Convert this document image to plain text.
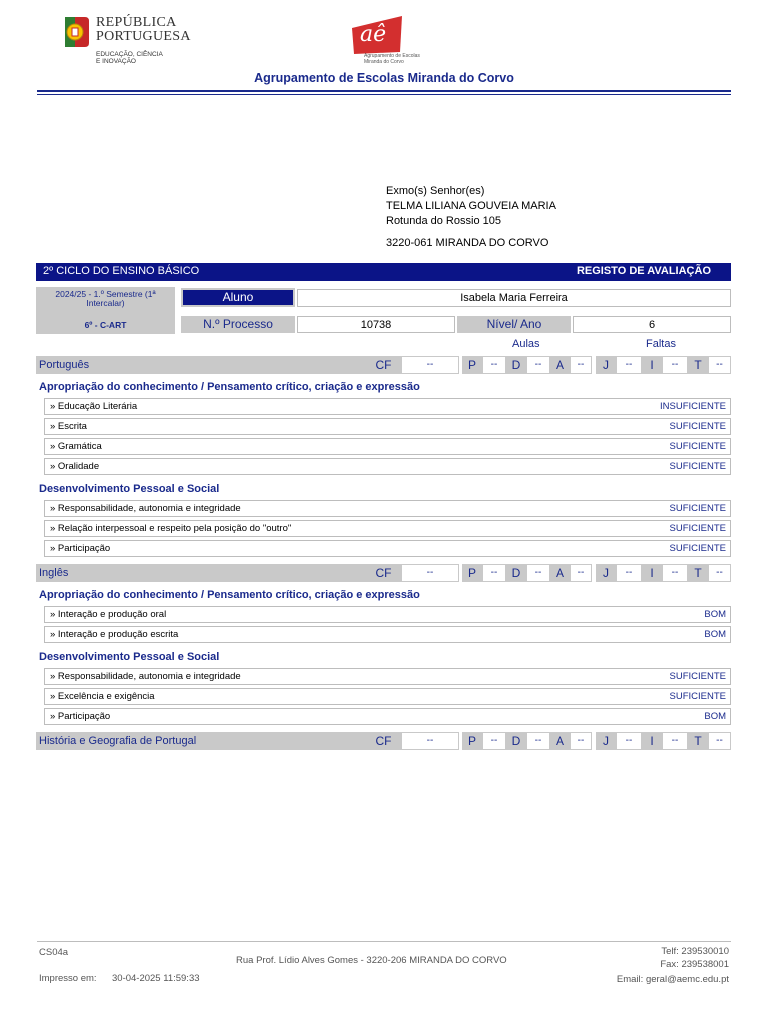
REPÚBLICA
PORTUGUESA
EDUCAÇÃO, CIÊNCIA
E INOVAÇÃO
aê
Agrupamento de Escolas
Miranda do Corvo
Agrupamento de Escolas Miranda do Corvo
Exmo(s) Senhor(es)
TELMA LILIANA GOUVEIA MARIA
Rotunda do Rossio 105
3220-061 MIRANDA DO CORVO
2º CICLO DO ENSINO BÁSICO	REGISTO DE AVALIAÇÃO
2024/25 - 1.º Semestre (1ª Intercalar)
6º - C-ART
Aluno	Isabela Maria Ferreira
N.º Processo	10738	Nível/ Ano	6
Aulas	Faltas
Português	CF	--	P	--	D	--	A	--	J	--	I	--	T	--
Apropriação do conhecimento / Pensamento crítico, criação e expressão
» Educação Literária	INSUFICIENTE
» Escrita	SUFICIENTE
» Gramática	SUFICIENTE
» Oralidade	SUFICIENTE
Desenvolvimento Pessoal e Social
» Responsabilidade, autonomia e integridade	SUFICIENTE
» Relação interpessoal e respeito pela posição do "outro"	SUFICIENTE
» Participação	SUFICIENTE
Inglês	CF	--	P	--	D	--	A	--	J	--	I	--	T	--
Apropriação do conhecimento / Pensamento crítico, criação e expressão
» Interação e produção oral	BOM
» Interação e produção escrita	BOM
Desenvolvimento Pessoal e Social
» Responsabilidade, autonomia e integridade	SUFICIENTE
» Excelência e exigência	SUFICIENTE
» Participação	BOM
História e Geografia de Portugal	CF	--	P	--	D	--	A	--	J	--	I	--	T	--
CS04a
Impresso em: 30-04-2025 11:59:33
Rua Prof. Lídio Alves Gomes - 3220-206 MIRANDA DO CORVO
Telf: 239530010
Fax: 239538001
Email: geral@aemc.edu.pt
